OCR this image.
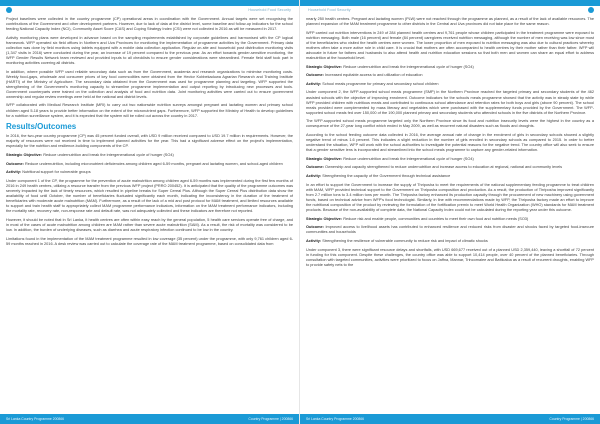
Household Food Security

Project baselines were collected in the country programme (CP) operational areas in coordination with the Government. Annual targets were set recognising the contributions of the Government and other development partners. However, due to lack of data at the district level, some baseline and follow-up indicators for the school feeding National Capacity Index (NCI), Community Asset Score (CAS) and Coping Strategy Index (CSI) were not collected in 2016 as will be measured in 2017.

Activity monitoring plans were developed in advance based on the sampling requirements established by corporate guidelines and harmonised with the CP logical framework. WFP operated six field offices in Northern and Uva Provinces for monitoring the implementation of programme activities by the Government. Primary data collection was done by field monitors using tablets equipped with a mobile data collection application. Regular on-site and household post distribution monitoring visits (1,347 visits in 2016) were conducted during the year, an increase of 19 percent compared to the previous year. As an effort towards gender-sensitive monitoring, the WFP Gender Results Network team reviewed and provided inputs to all checklists to ensure gender considerations were streamlined. Female field staff took part in monitoring activities covering all districts.

In addition, where possible WFP used reliable secondary data such as from the Government, academia and research organizations to minimise monitoring costs. Weekly food-gaps, wholesale and consumer prices of key food commodities were obtained from the Hector Kobbekaduwa Agrarian Research and Training Institute (HARTI) of the Ministry of Agriculture. The secondary data obtained from the Government was used for programme planning and targeting. WFP supported the strengthening of the Government's monitoring capacity to streamline programme implementation and output reporting by introducing new processes and tools. Government counterparts were trained on the collection and analysis of food and nutrition data. Joint monitoring activities were carried out to ensure government ownership and regular review meetings were held at the national and district levels.

WFP collaborated with Medical Research Institute (MRI) to carry out two nationwide nutrition surveys amongst pregnant and lactating women and primary school children aged 5-18 years to provide better information on the extent of the micronutrient gaps. Furthermore, WFP supported the Ministry of Health to develop guidelines for a nutrition surveillance system, and it is expected that the system will be rolled out across the country in 2017.

Results/Outcomes

In 2016, the two-year country programme (CP) was 45 percent funded overall, with USD 9 million received compared to USD 19.7 million in requirements. However, the majority of resources were not received in time to implement planned activities for the year. This had a significant adverse effect on the project's implementation, especially for the nutrition and resilience-building components of the CP.

Strategic Objective: Reduce undernutrition and break the intergenerational cycle of hunger (SO4)

Outcome: Reduce undernutrition, including micronutrient deficiencies among children aged 6-59 months, pregnant and lactating women, and school-aged children

Activity: Nutritional support for vulnerable groups

Under component 1 of the CP, the programme for the prevention of acute malnutrition among children aged 6-59 months was implemented during the first few months of 2016 in 249 health centres, utilizing a resource transfer from the previous WFP project (PRRO 200452). It is anticipated that the quality of the programme outcomes was severely impacted by the lack of timely resources, which resulted in pipeline breaks for Super Cereal Plus. Although the Super Cereal Plus distribution data show the availability of food until October, the number of beneficiaries fluctuated significantly each month, indicating the inconsistency in the duration of the treatment of beneficiaries with moderate acute malnutrition (MAM). Furthermore, as a result of the lack of a mid and post protocol for MAM treatment, and limited resources available to support and train health staff to appropriately collect MAM programme performance indicators, information on the MAM treatment performance indicators, including the mortality rate, recovery rate, non-response rate and default rate, was not adequately collected and these indicators are therefore not reported.

However, it should be noted that in Sri Lanka, it health centres are often within easy reach by the general population, 5 health care services operate free of charge, and in most of the cases of acute malnutrition among children are MAM rather than severe acute malnutrition (SAM). As a result, the risk of mortality was considered to be low. In addition, the burden of underlying diseases, such as diarrhea and acute respiratory infection continued to be low in the country.

Limitations found in the implementation of the MAM treatment programme resulted in low coverage (35 percent) under the programme, with only 9,761 children aged 6-59 months reached in 2016. A desk review was carried out to calculate the coverage rate of the MAM treatment programme, based on consolidated data from

Sri Lanka Country Programme 200866	Country Programme | 200866
Household Food Security

nearly 250 health centres. Pregnant and lactating women (PLW) were not reached through the programme as planned, as a result of the lack of available resources. The planned expansion of the MAM treatment programme to other districts in the Central and Uva provinces did not take place for the same reason.

WFP carried out nutrition interventions in 249 of 284 planned health centres and 9,761 people whose children participated in the treatment programme were exposed to nutrition messaging. Both male (16 percent) and female (84 percent) caregivers received nutrition messaging, although the number of men receiving was low since most of the beneficiaries who visited the health centres were women. The lower proportion of men exposed to nutrition messaging was also due to cultural practices whereby mothers often take a more active role in child care. It is crucial that mothers are often accompanied to health centres by their mother rather than their father. WFP will advocate in future for fathers and husbands to also attend health and nutrition education sessions so that both men and women can share an equal effort to address malnutrition at the household level.

Strategic Objective: Reduce undernutrition and break the intergenerational cycle of hunger (SO4)

Outcome: Increased equitable access to and utilization of education

Activity: School meals programme for primary and secondary school children

Under component 2, the WFP-supported school meals programme (SMP) in the Northern Province reached the targeted primary and secondary students of the 462 assisted schools with the objective of improving enrolment. Outcome indicators for the schools meals programme showed that the activity was in steady state by while WFP provided children with nutritious meals and contributed to continuous school attendance and retention rates for both boys and girls (above 90 percent). The school meals provided were complemented by mass literacy and vegetables which were purchased with the supplementary funds provided by the Government. The WFP-supported school meals fed over 150,000 of the 190,000 planned primary and secondary students who attended schools in the five districts of the Northern Province.

The WFP-supported school meals programme targeted only the Northern Province since its food and nutrition insecurity levels were the highest in the country as a consequence of the 27-year long conflict which ended in May 2009, as well as recurrent natural disasters such as floods and droughts.

According to the school feeding outcome data collected in 2016, the average annual rate of change in the enrolment of girls in secondary schools showed a slightly negative trend of minus 1.6 percent. This indicates a slight reduction in the number of girls enrolled in secondary schools as compared to 2015. In order to better understand the situation, WFP will work with the school authorities to investigate the potential reasons for the negative trend. The country office will also seek to ensure that a gender sensitive lens is incorporated and streamlined into the school meals programme to capture any gender-related information.

Strategic Objective: Reduce undernutrition and break the intergenerational cycle of hunger (SO4)

Outcome: Ownership and capacity strengthened to reduce undernutrition and increase access to education at regional, national and community levels

Activity: Strengthening the capacity of the Government through technical assistance

In an effort to support the Government to increase the supply of Thriposha to meet the requirements of the national supplementary feeding programme to treat children with MAM, WFP provided technical support to the Government on Thriposha composition and production. As a result, the production of Thriposha improved significantly from 2.7 million tons to 3.4 million tons per month. The Thriposha factory enhanced its production capacity through the procurement of new machinery using government funds, based on technical advice from WFP's food technologist. Similarly, in line with recommendations made by WFP, the Thriposha factory made an effort to improve the nutritional composition of the product by reviewing the formulation of the fortification premix to meet World Health Organization (WHO) standards for MAM treatment products. Because of the non-availability of complete data, the National Capacity Index could not be calculated during the reporting year under this outcome.

Strategic Objective: Reduce risk and enable people, communities and countries to meet their own food and nutrition needs (SO3)

Outcome: Improved access to livelihood assets has contributed to enhanced resilience and reduced risks from disaster and shocks faced by targeted food-insecure communities and households

Activity: Strengthening the resilience of vulnerable community to reduce risk and impact of climatic shocks

Under component 3, there were significant resource delays and shortfalls, with USD 669,677 received out of a planned USD 2,359,440, leaving a shortfall of 72 percent in funding for this component. Despite these challenges, the country office was able to support 10,414 people, over 40 percent of the planned beneficiaries. Through consultation with targeted communities, activities were prioritized to focus on Jaffna, Mannar, Trincomalee and Batticaloa as a result of recurrent droughts, enabling WFP to provide safety nets to the

Sri Lanka Country Programme 200866	Country Programme | 200866
